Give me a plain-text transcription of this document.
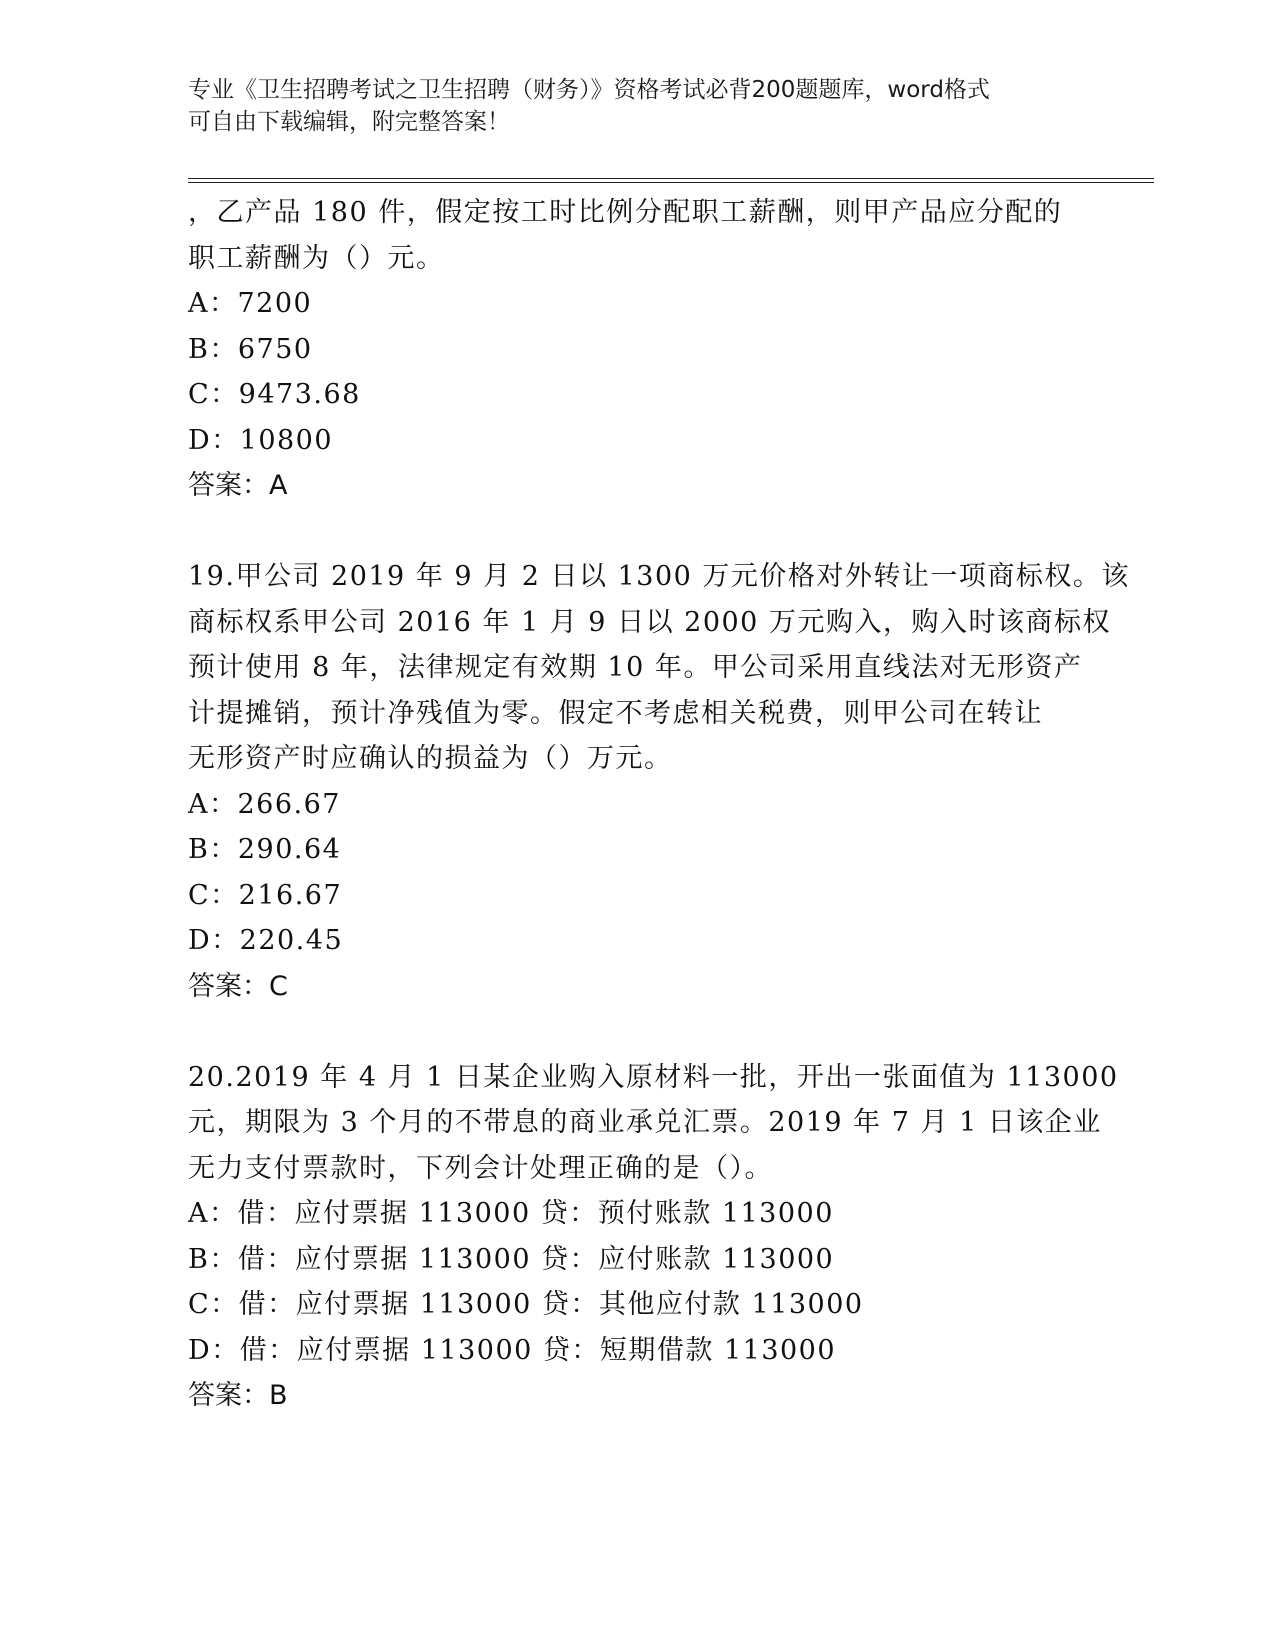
专业《卫生招聘考试之卫生招聘（财务）》资格考试必背200题题库，word格式
可自由下载编辑，附完整答案！
，乙产品 180 件，假定按工时比例分配职工薪酬，则甲产品应分配的
职工薪酬为（）元。
A：7200
B：6750
C：9473.68
D：10800
答案：A
19.甲公司 2019 年 9 月 2 日以 1300 万元价格对外转让一项商标权。该
商标权系甲公司 2016 年 1 月 9 日以 2000 万元购入，购入时该商标权
预计使用 8 年，法律规定有效期 10 年。甲公司采用直线法对无形资产
计提摊销，预计净残值为零。假定不考虑相关税费，则甲公司在转让
无形资产时应确认的损益为（）万元。
A：266.67
B：290.64
C：216.67
D：220.45
答案：C
20.2019 年 4 月 1 日某企业购入原材料一批，开出一张面值为 113000
元，期限为 3 个月的不带息的商业承兑汇票。2019 年 7 月 1 日该企业
无力支付票款时，下列会计处理正确的是（）。
A：借：应付票据 113000 贷：预付账款 113000
B：借：应付票据 113000 贷：应付账款 113000
C：借：应付票据 113000 贷：其他应付款 113000
D：借：应付票据 113000 贷：短期借款 113000
答案：B
